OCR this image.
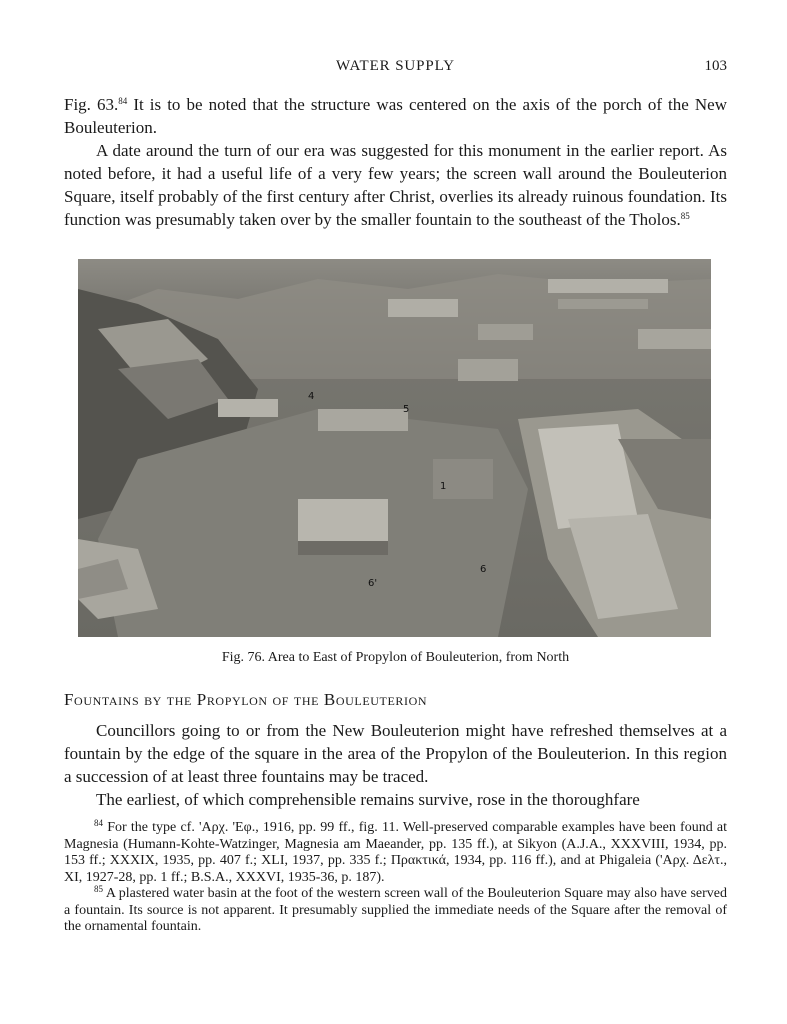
WATER SUPPLY	103

Fig. 63.84 It is to be noted that the structure was centered on the axis of the porch of the New Bouleuterion.

A date around the turn of our era was suggested for this monument in the earlier report. As noted before, it had a useful life of a very few years; the screen wall around the Bouleuterion Square, itself probably of the first century after Christ, overlies its already ruinous foundation. Its function was presumably taken over by the smaller fountain to the southeast of the Tholos.$^{85}$

4
5
1
6
6'
Fig. 76. Area to East of Propylon of Bouleuterion, from North
Fountains by the Propylon of the Bouleuterion

Councillors going to or from the New Bouleuterion might have refreshed themselves at a fountain by the edge of the square in the area of the Propylon of the Bouleuterion. In this region a succession of at least three fountains may be traced.

The earliest, of which comprehensible remains survive, rose in the thoroughfare

$^{84}$ For the type cf. 'Αρχ. 'Εφ., 1916, pp. 99 ff., fig. 11. Well-preserved comparable examples have been found at Magnesia (Humann-Kohte-Watzinger, Magnesia am Maeander, pp. 135 ff.), at Sikyon (A.J.A., XXXVIII, 1934, pp. 153 ff.; XXXIX, 1935, pp. 407 f.; XLI, 1937, pp. 335 f.; Πρακτικά, 1934, pp. 116 ff.), and at Phigaleia ('Αρχ. Δελτ., XI, 1927-28, pp. 1 ff.; B.S.A., XXXVI, 1935-36, p. 187).

$^{85}$ A plastered water basin at the foot of the western screen wall of the Bouleuterion Square may also have served a fountain. Its source is not apparent. It presumably supplied the immediate needs of the Square after the removal of the ornamental fountain.
